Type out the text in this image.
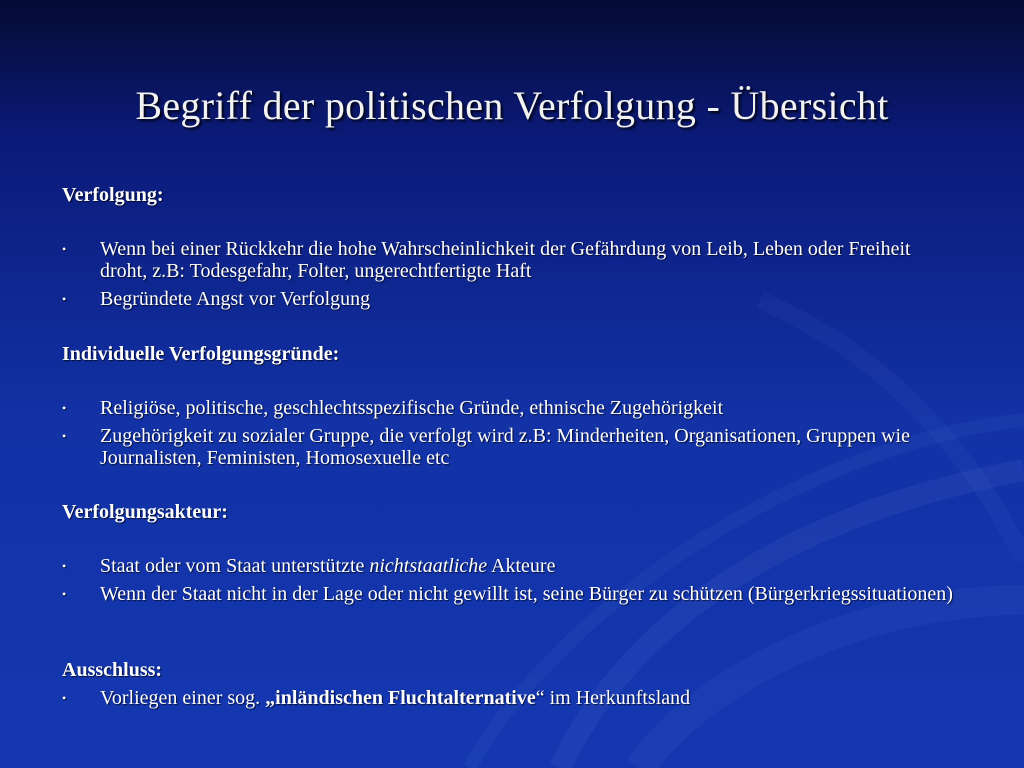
Begriff der politischen Verfolgung - Übersicht
Verfolgung:
•	Wenn bei einer Rückkehr die hohe Wahrscheinlichkeit der Gefährdung von Leib, Leben oder Freiheit droht, z.B: Todesgefahr, Folter, ungerechtfertigte Haft
•	Begründete Angst vor Verfolgung
Individuelle Verfolgungsgründe:
•	Religiöse, politische, geschlechtsspezifische Gründe, ethnische Zugehörigkeit
•	Zugehörigkeit zu sozialer Gruppe, die verfolgt wird z.B: Minderheiten, Organisationen, Gruppen wie Journalisten, Feministen, Homosexuelle etc
Verfolgungsakteur:
•	Staat oder vom Staat unterstützte nichtstaatliche Akteure
•	Wenn der Staat nicht in der Lage oder nicht gewillt ist, seine Bürger zu schützen (Bürgerkriegssituationen)
Ausschluss:
•	Vorliegen einer sog. „inländischen Fluchtalternative“ im Herkunftsland
